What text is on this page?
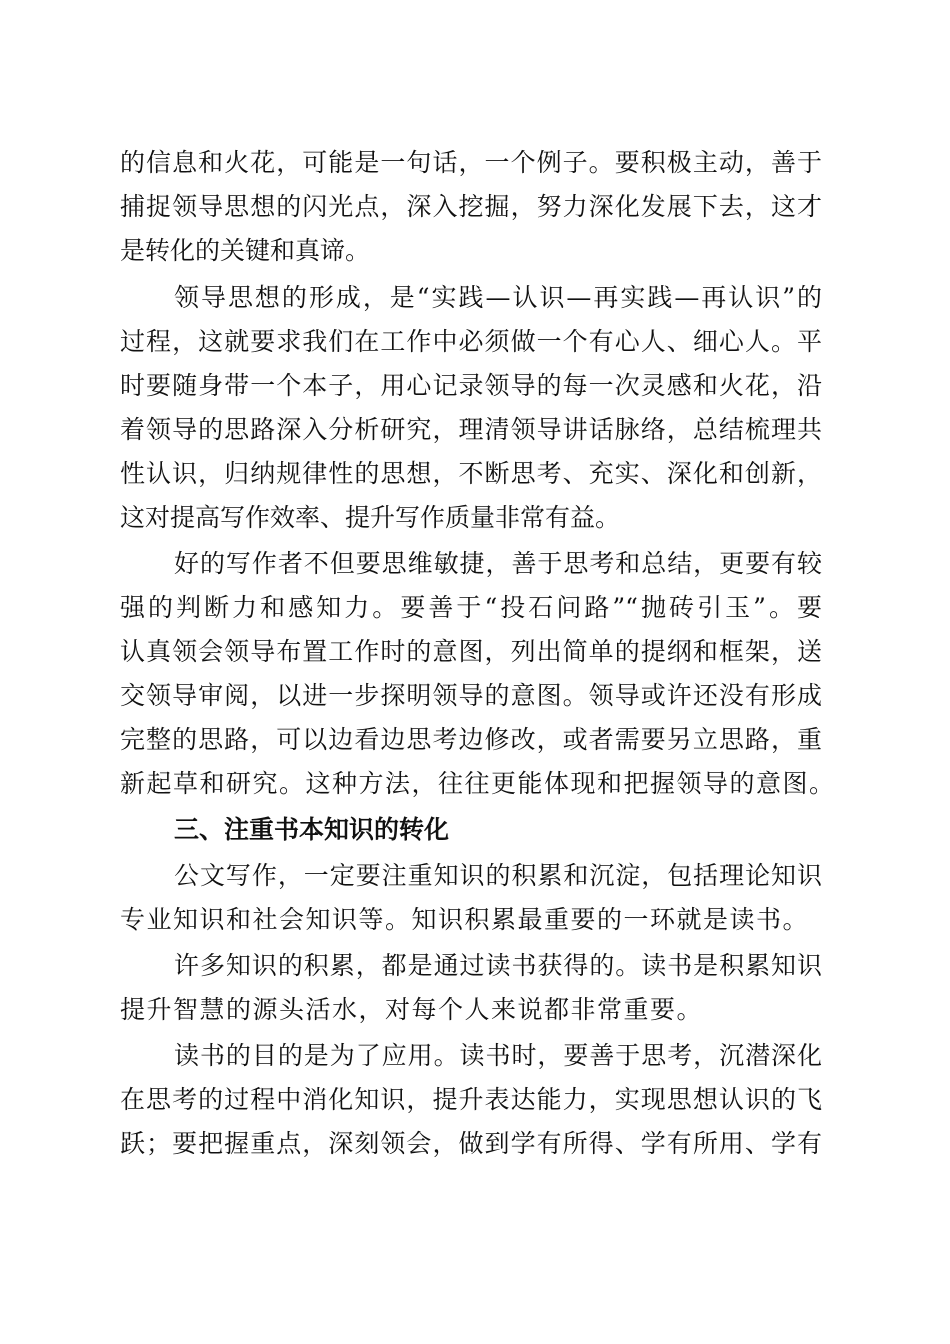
的信息和火花，可能是一句话，一个例子。要积极主动，善于
捕捉领导思想的闪光点，深入挖掘，努力深化发展下去，这才
是转化的关键和真谛。
领导思想的形成，是“实践—认识—再实践—再认识”的
过程，这就要求我们在工作中必须做一个有心人、细心人。平
时要随身带一个本子，用心记录领导的每一次灵感和火花，沿
着领导的思路深入分析研究，理清领导讲话脉络，总结梳理共
性认识，归纳规律性的思想，不断思考、充实、深化和创新，
这对提高写作效率、提升写作质量非常有益。
好的写作者不但要思维敏捷，善于思考和总结，更要有较
强的判断力和感知力。要善于“投石问路”“抛砖引玉”。要
认真领会领导布置工作时的意图，列出简单的提纲和框架，送
交领导审阅，以进一步探明领导的意图。领导或许还没有形成
完整的思路，可以边看边思考边修改，或者需要另立思路，重
新起草和研究。这种方法，往往更能体现和把握领导的意图。
三、注重书本知识的转化
公文写作，一定要注重知识的积累和沉淀，包括理论知识
专业知识和社会知识等。知识积累最重要的一环就是读书。
许多知识的积累，都是通过读书获得的。读书是积累知识
提升智慧的源头活水，对每个人来说都非常重要。
读书的目的是为了应用。读书时，要善于思考，沉潜深化
在思考的过程中消化知识，提升表达能力，实现思想认识的飞
跃；要把握重点，深刻领会，做到学有所得、学有所用、学有
